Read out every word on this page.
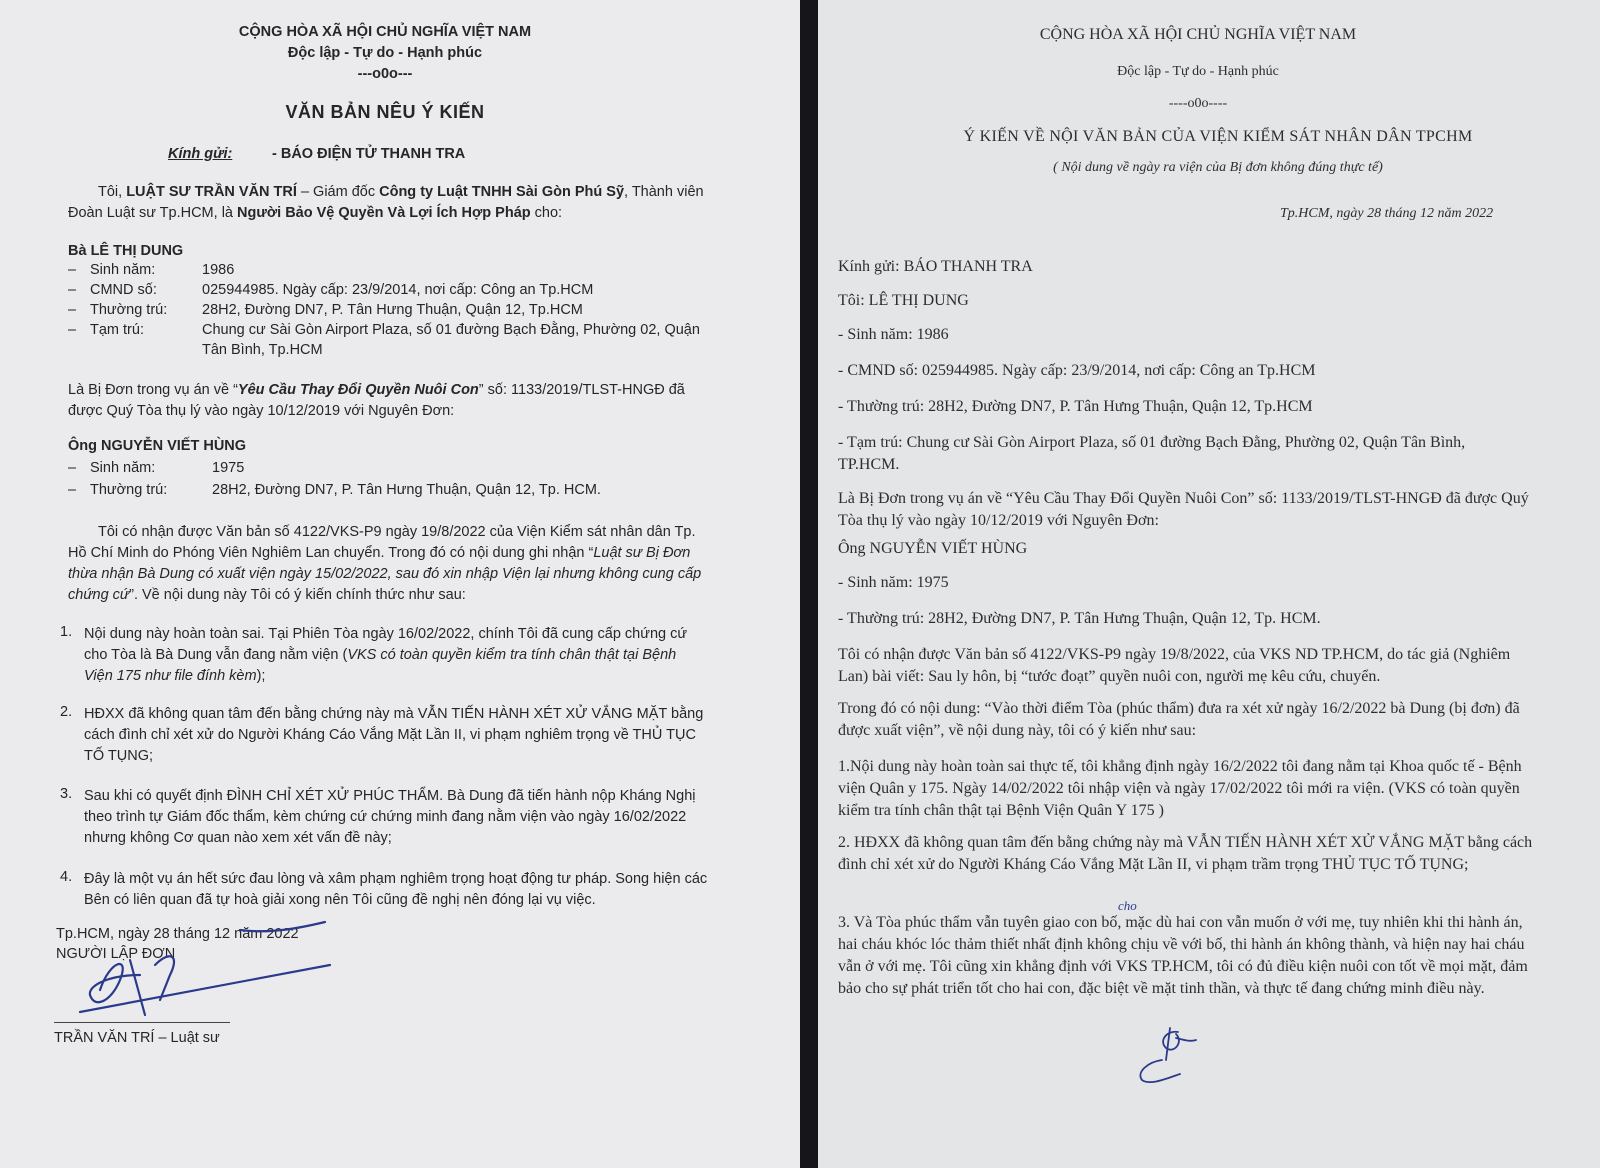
CỘNG HÒA XÃ HỘI CHỦ NGHĨA VIỆT NAM
Độc lập - Tự do - Hạnh phúc
---o0o---
VĂN BẢN NÊU Ý KIẾN
Kính gửi:	- BÁO ĐIỆN TỬ THANH TRA
Tôi, LUẬT SƯ TRẦN VĂN TRÍ – Giám đốc Công ty Luật TNHH Sài Gòn Phú Sỹ, Thành viên Đoàn Luật sư Tp.HCM, là Người Bảo Vệ Quyền Và Lợi Ích Hợp Pháp cho:
Bà LÊ THỊ DUNG
– Sinh năm:	1986
– CMND số:	025944985. Ngày cấp: 23/9/2014, nơi cấp: Công an Tp.HCM
– Thường trú: 28H2, Đường DN7, P. Tân Hưng Thuận, Quận 12, Tp.HCM
– Tạm trú:	Chung cư Sài Gòn Airport Plaza, số 01 đường Bạch Đằng, Phường 02, Quận
Tân Bình, Tp.HCM
Là Bị Đơn trong vụ án về “Yêu Cầu Thay Đổi Quyền Nuôi Con” số: 1133/2019/TLST-HNGĐ đã được Quý Tòa thụ lý vào ngày 10/12/2019 với Nguyên Đơn:
Ông NGUYỄN VIẾT HÙNG
– Sinh năm:	1975
– Thường trú:	28H2, Đường DN7, P. Tân Hưng Thuận, Quận 12, Tp. HCM.
Tôi có nhận được Văn bản số 4122/VKS-P9 ngày 19/8/2022 của Viện Kiểm sát nhân dân Tp. Hồ Chí Minh do Phóng Viên Nghiêm Lan chuyển. Trong đó có nội dung ghi nhận “Luật sư Bị Đơn thừa nhận Bà Dung có xuất viện ngày 15/02/2022, sau đó xin nhập Viện lại nhưng không cung cấp chứng cứ”. Về nội dung này Tôi có ý kiến chính thức như sau:
1. Nội dung này hoàn toàn sai. Tại Phiên Tòa ngày 16/02/2022, chính Tôi đã cung cấp chứng cứ cho Tòa là Bà Dung vẫn đang nằm viện (VKS có toàn quyền kiểm tra tính chân thật tại Bệnh Viện 175 như file đính kèm);
2. HĐXX đã không quan tâm đến bằng chứng này mà VẪN TIẾN HÀNH XÉT XỬ VẮNG MẶT bằng cách đình chỉ xét xử do Người Kháng Cáo Vắng Mặt Lần II, vi phạm nghiêm trọng về THỦ TỤC TỐ TỤNG;
3. Sau khi có quyết định ĐÌNH CHỈ XÉT XỬ PHÚC THẨM. Bà Dung đã tiến hành nộp Kháng Nghị theo trình tự Giám đốc thẩm, kèm chứng cứ chứng minh đang nằm viện vào ngày 16/02/2022 nhưng không Cơ quan nào xem xét vấn đề này;
4. Đây là một vụ án hết sức đau lòng và xâm phạm nghiêm trọng hoạt động tư pháp. Song hiện các Bên có liên quan đã tự hoà giải xong nên Tôi cũng đề nghị nên đóng lại vụ việc.
Tp.HCM, ngày 28 tháng 12 năm 2022
NGƯỜI LẬP ĐƠN
TRẦN VĂN TRÍ – Luật sư
CỘNG HÒA XÃ HỘI CHỦ NGHĨA VIỆT NAM
Độc lập - Tự do - Hạnh phúc
----o0o----
Ý KIẾN VỀ NỘI VĂN BẢN CỦA VIỆN KIỂM SÁT NHÂN DÂN TPCHM
( Nội dung về ngày ra viện của Bị đơn không đúng thực tế)
Tp.HCM, ngày 28 tháng 12 năm 2022
Kính gửi: BÁO THANH TRA
Tôi: LÊ THỊ DUNG
- Sinh năm: 1986
- CMND số: 025944985. Ngày cấp: 23/9/2014, nơi cấp: Công an Tp.HCM
- Thường trú: 28H2, Đường DN7, P. Tân Hưng Thuận, Quận 12, Tp.HCM
- Tạm trú: Chung cư Sài Gòn Airport Plaza, số 01 đường Bạch Đằng, Phường 02, Quận Tân Bình, TP.HCM.
Là Bị Đơn trong vụ án về “Yêu Cầu Thay Đổi Quyền Nuôi Con” số: 1133/2019/TLST-HNGĐ đã được Quý Tòa thụ lý vào ngày 10/12/2019 với Nguyên Đơn:
Ông NGUYỄN VIẾT HÙNG
- Sinh năm: 1975
- Thường trú: 28H2, Đường DN7, P. Tân Hưng Thuận, Quận 12, Tp. HCM.
Tôi có nhận được Văn bản số 4122/VKS-P9 ngày 19/8/2022, của VKS ND TP.HCM, do tác giả (Nghiêm Lan) bài viết: Sau ly hôn, bị “tước đoạt” quyền nuôi con, người mẹ kêu cứu, chuyển.
Trong đó có nội dung: “Vào thời điểm Tòa (phúc thẩm) đưa ra xét xử ngày 16/2/2022 bà Dung (bị đơn) đã được xuất viện”, về nội dung này, tôi có ý kiến như sau:
1.Nội dung này hoàn toàn sai thực tế, tôi khẳng định ngày 16/2/2022 tôi đang nằm tại Khoa quốc tế - Bệnh viện Quân y 175. Ngày 14/02/2022 tôi nhập viện và ngày 17/02/2022 tôi mới ra viện. (VKS có toàn quyền kiểm tra tính chân thật tại Bệnh Viện Quân Y 175 )
2. HĐXX đã không quan tâm đến bằng chứng này mà VẪN TIẾN HÀNH XÉT XỬ VẮNG MẶT bằng cách đình chỉ xét xử do Người Kháng Cáo Vắng Mặt Lần II, vi phạm trầm trọng THỦ TỤC TỐ TỤNG;
3. Và Tòa phúc thẩm vẫn tuyên giao con bố, mặc dù hai con vẫn muốn ở với mẹ, tuy nhiên khi thi hành án, hai cháu khóc lóc thảm thiết nhất định không chịu về với bố, thi hành án không thành, và hiện nay hai cháu vẫn ở với mẹ. Tôi cũng xin khẳng định với VKS TP.HCM, tôi có đủ điều kiện nuôi con tốt về mọi mặt, đảm bảo cho sự phát triển tốt cho hai con, đặc biệt về mặt tinh thần, và thực tế đang chứng minh điều này.
cho
